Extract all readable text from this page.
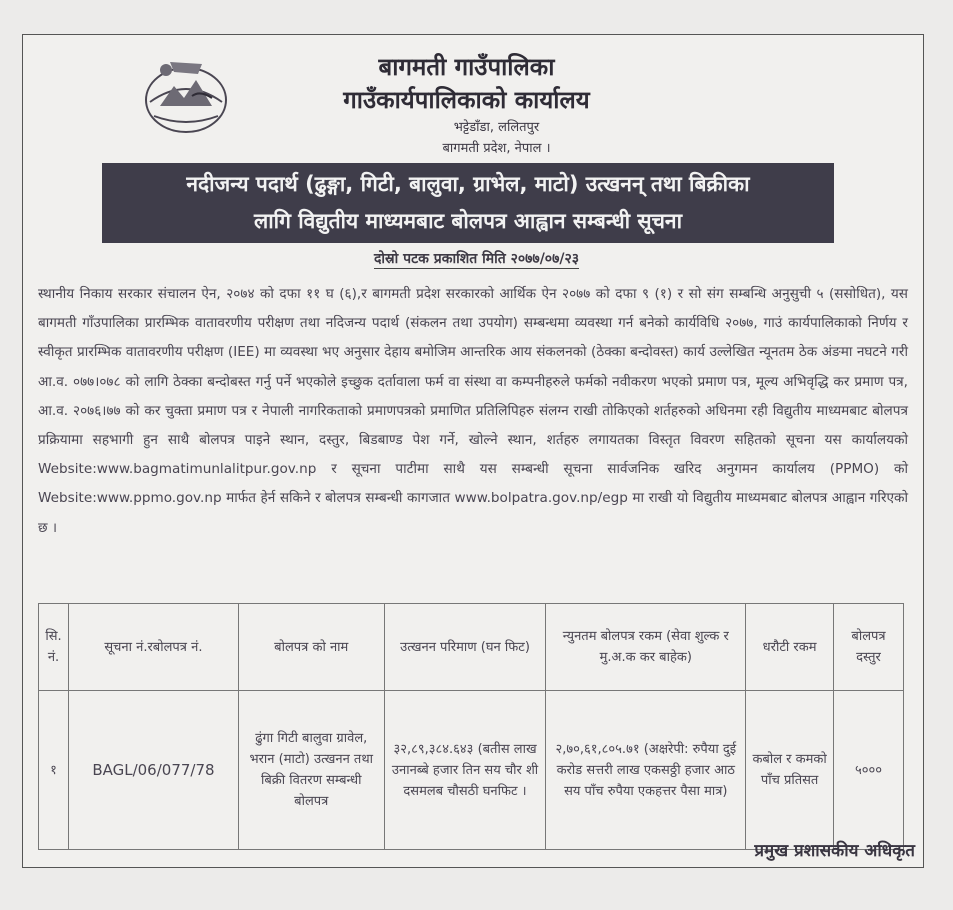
बागमती गाउँपालिका
गाउँकार्यपालिकाको कार्यालय
भट्टेडाँडा, ललितपुर
बागमती प्रदेश, नेपाल ।
नदीजन्य पदार्थ (ढुङ्गा, गिटी, बालुवा, ग्राभेल, माटो) उत्खनन् तथा बिक्रीका
लागि विद्युतीय माध्यमबाट बोलपत्र आह्वान सम्बन्धी सूचना
दोस्रो पटक प्रकाशित मिति २०७७/०७/२३
स्थानीय निकाय सरकार संचालन ऐन, २०७४ को दफा ११ घ (६),र बागमती प्रदेश सरकारको आर्थिक ऐन २०७७ को दफा ९ (१) र सो संग सम्बन्धि अनुसुची ५ (ससोधित), यस बागमती गाँउपालिका प्रारम्भिक वातावरणीय परीक्षण तथा नदिजन्य पदार्थ (संकलन तथा उपयोग) सम्बन्धमा व्यवस्था गर्न बनेको कार्यविधि २०७७, गाउं कार्यपालिकाको निर्णय र स्वीकृत प्रारम्भिक वातावरणीय परीक्षण (IEE) मा व्यवस्था भए अनुसार देहाय बमोजिम आन्तरिक आय संकलनको (ठेक्का बन्दोवस्त) कार्य उल्लेखित न्यूनतम ठेक अंङमा नघटने गरी आ.व. ०७७।०७८ को लागि ठेक्का बन्दोबस्त गर्नु पर्ने भएकोले इच्छुक दर्तावाला फर्म वा संस्था वा कम्पनीहरुले फर्मको नवीकरण भएको प्रमाण पत्र, मूल्य अभिवृद्धि कर प्रमाण पत्र, आ.व. २०७६।७७ को कर चुक्ता प्रमाण पत्र र नेपाली नागरिकताको प्रमाणपत्रको प्रमाणित प्रतिलिपिहरु संलग्न राखी तोकिएको शर्तहरुको अधिनमा रही विद्युतीय माध्यमबाट बोलपत्र प्रक्रियामा सहभागी हुन साथै बोलपत्र पाइने स्थान, दस्तुर, बिडबाण्ड पेश गर्ने, खोल्ने स्थान, शर्तहरु लगायतका विस्तृत विवरण सहितको सूचना यस कार्यालयको Website:www.bagmatimunlalitpur.gov.np र सूचना पाटीमा साथै यस सम्बन्धी सूचना सार्वजनिक खरिद अनुगमन कार्यालय (PPMO) को Website:www.ppmo.gov.np मार्फत हेर्न सकिने र बोलपत्र सम्बन्धी कागजात www.bolpatra.gov.np/egp मा राखी यो विद्युतीय माध्यमबाट बोलपत्र आह्वान गरिएको छ ।
सि. नं.	सूचना नं.रबोलपत्र नं.	बोलपत्र को नाम	उत्खनन परिमाण (घन फिट)	न्युनतम बोलपत्र रकम (सेवा शुल्क र मु.अ.क कर बाहेक)	धरौटी रकम	बोलपत्र दस्तुर
१	BAGL/06/077/78	ढुंगा गिटी बालुवा ग्रावेल, भरान (माटो) उत्खनन तथा बिक्री वितरण सम्बन्धी बोलपत्र	३२,८९,३८४.६४३ (बतीस लाख उनानब्बे हजार तिन सय चौर शी दसमलब चौसठी घनफिट ।	२,७०,६१,८०५.७१ (अक्षरेपी: रुपैया दुई करोड सत्तरी लाख एकसठ्ठी हजार आठ सय पाँच रुपैया एकहत्तर पैसा मात्र)	कबोल र कमको पाँच प्रतिसत	५०००
प्रमुख प्रशासकीय अधिकृत
